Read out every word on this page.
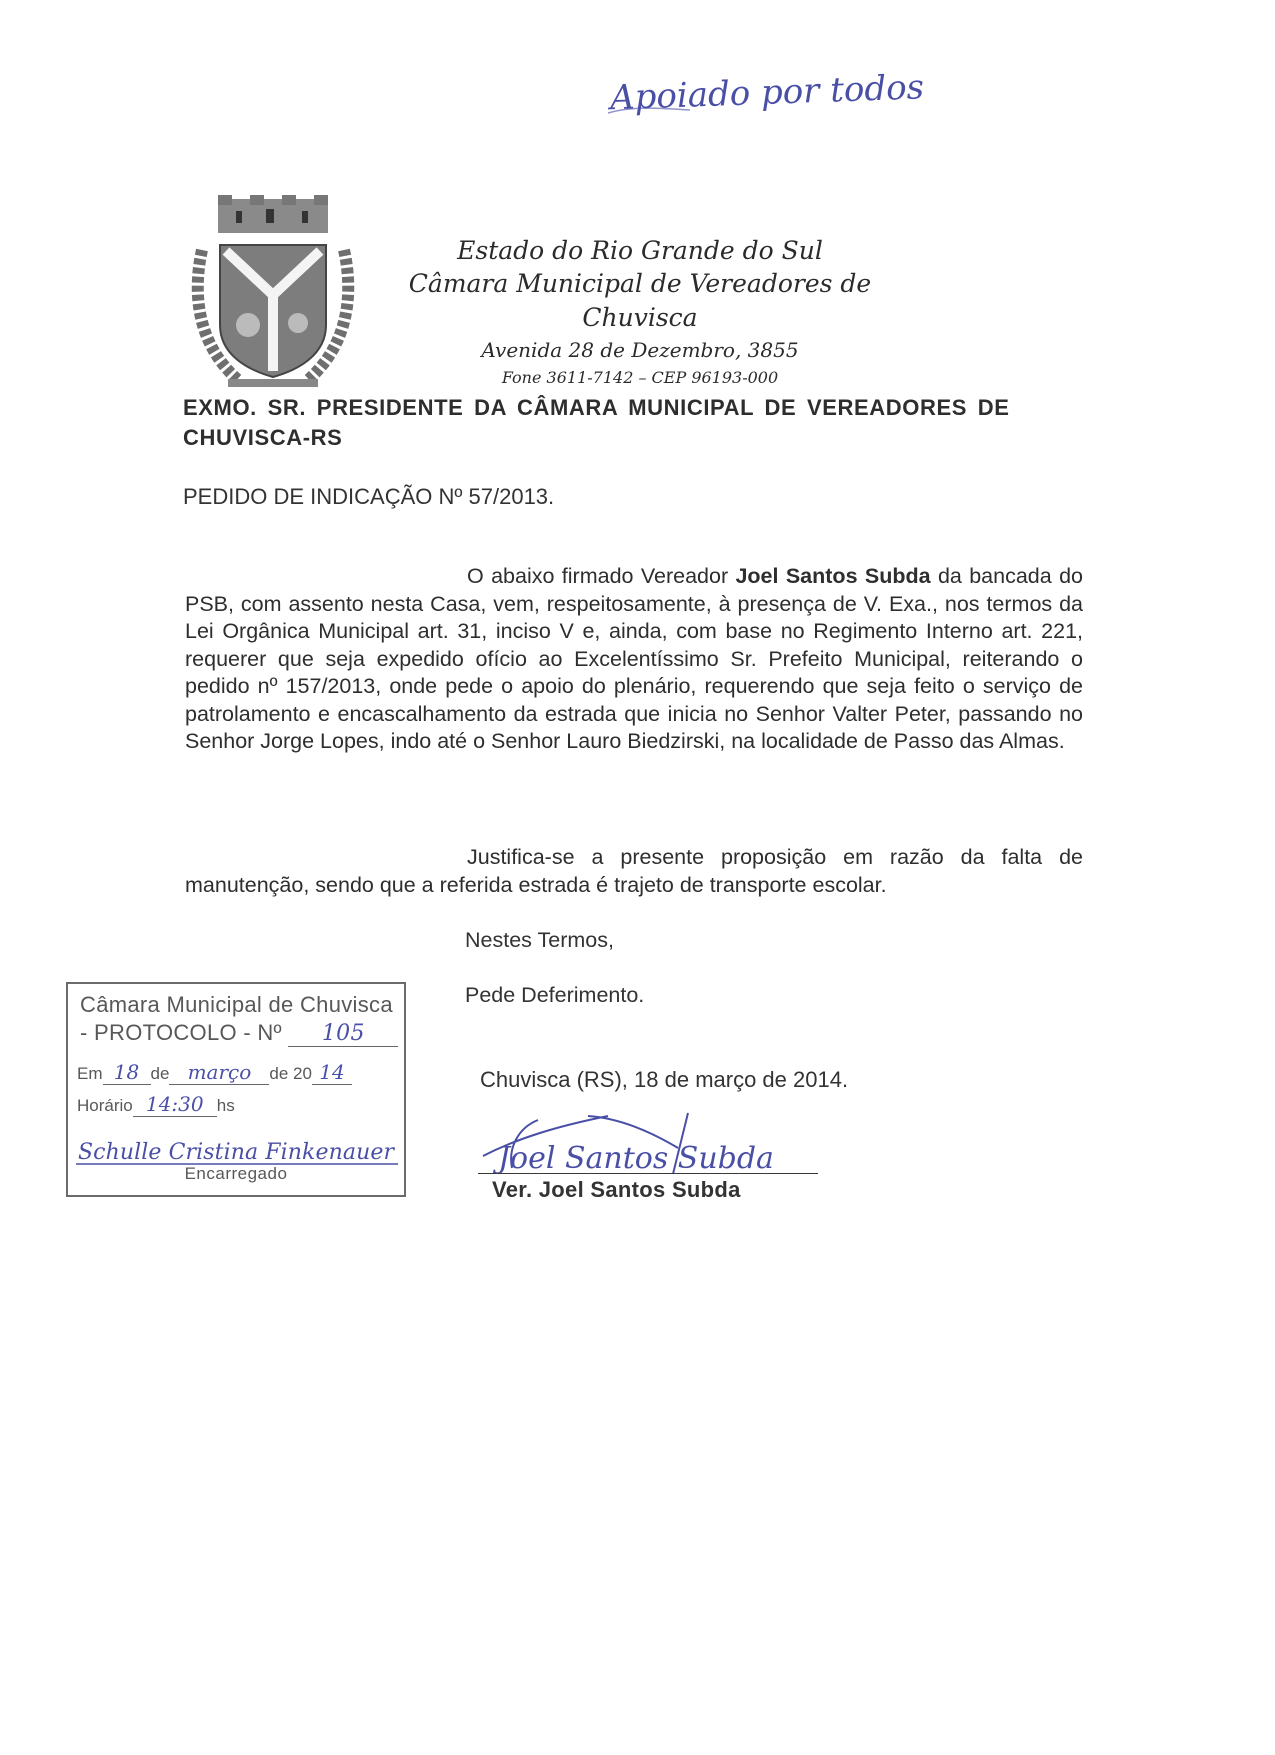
Apoiado por todos
Estado do Rio Grande do Sul
Câmara Municipal de Vereadores de Chuvisca
Avenida 28 de Dezembro, 3855
Fone 3611-7142 – CEP 96193-000
EXMO. SR. PRESIDENTE DA CÂMARA MUNICIPAL DE VEREADORES DE CHUVISCA-RS
PEDIDO DE INDICAÇÃO Nº 57/2013.
O abaixo firmado Vereador Joel Santos Subda da bancada do PSB, com assento nesta Casa, vem, respeitosamente, à presença de V. Exa., nos termos da Lei Orgânica Municipal art. 31, inciso V e, ainda, com base no Regimento Interno art. 221, requerer que seja expedido ofício ao Excelentíssimo Sr. Prefeito Municipal, reiterando o pedido nº 157/2013, onde pede o apoio do plenário, requerendo que seja feito o serviço de patrolamento e encascalhamento da estrada que inicia no Senhor Valter Peter, passando no Senhor Jorge Lopes, indo até o Senhor Lauro Biedzirski, na localidade de Passo das Almas.
Justifica-se a presente proposição em razão da falta de manutenção, sendo que a referida estrada é trajeto de transporte escolar.
Nestes Termos,
Pede Deferimento.
Chuvisca (RS), 18 de março de 2014.
Joel Santos Subda
Ver. Joel Santos Subda
Câmara Municipal de Chuvisca
- PROTOCOLO - Nº 105
Em 18 de março de 20 14
Horário 14:30 hs
Schulle Cristina Finkenauer
Encarregado
